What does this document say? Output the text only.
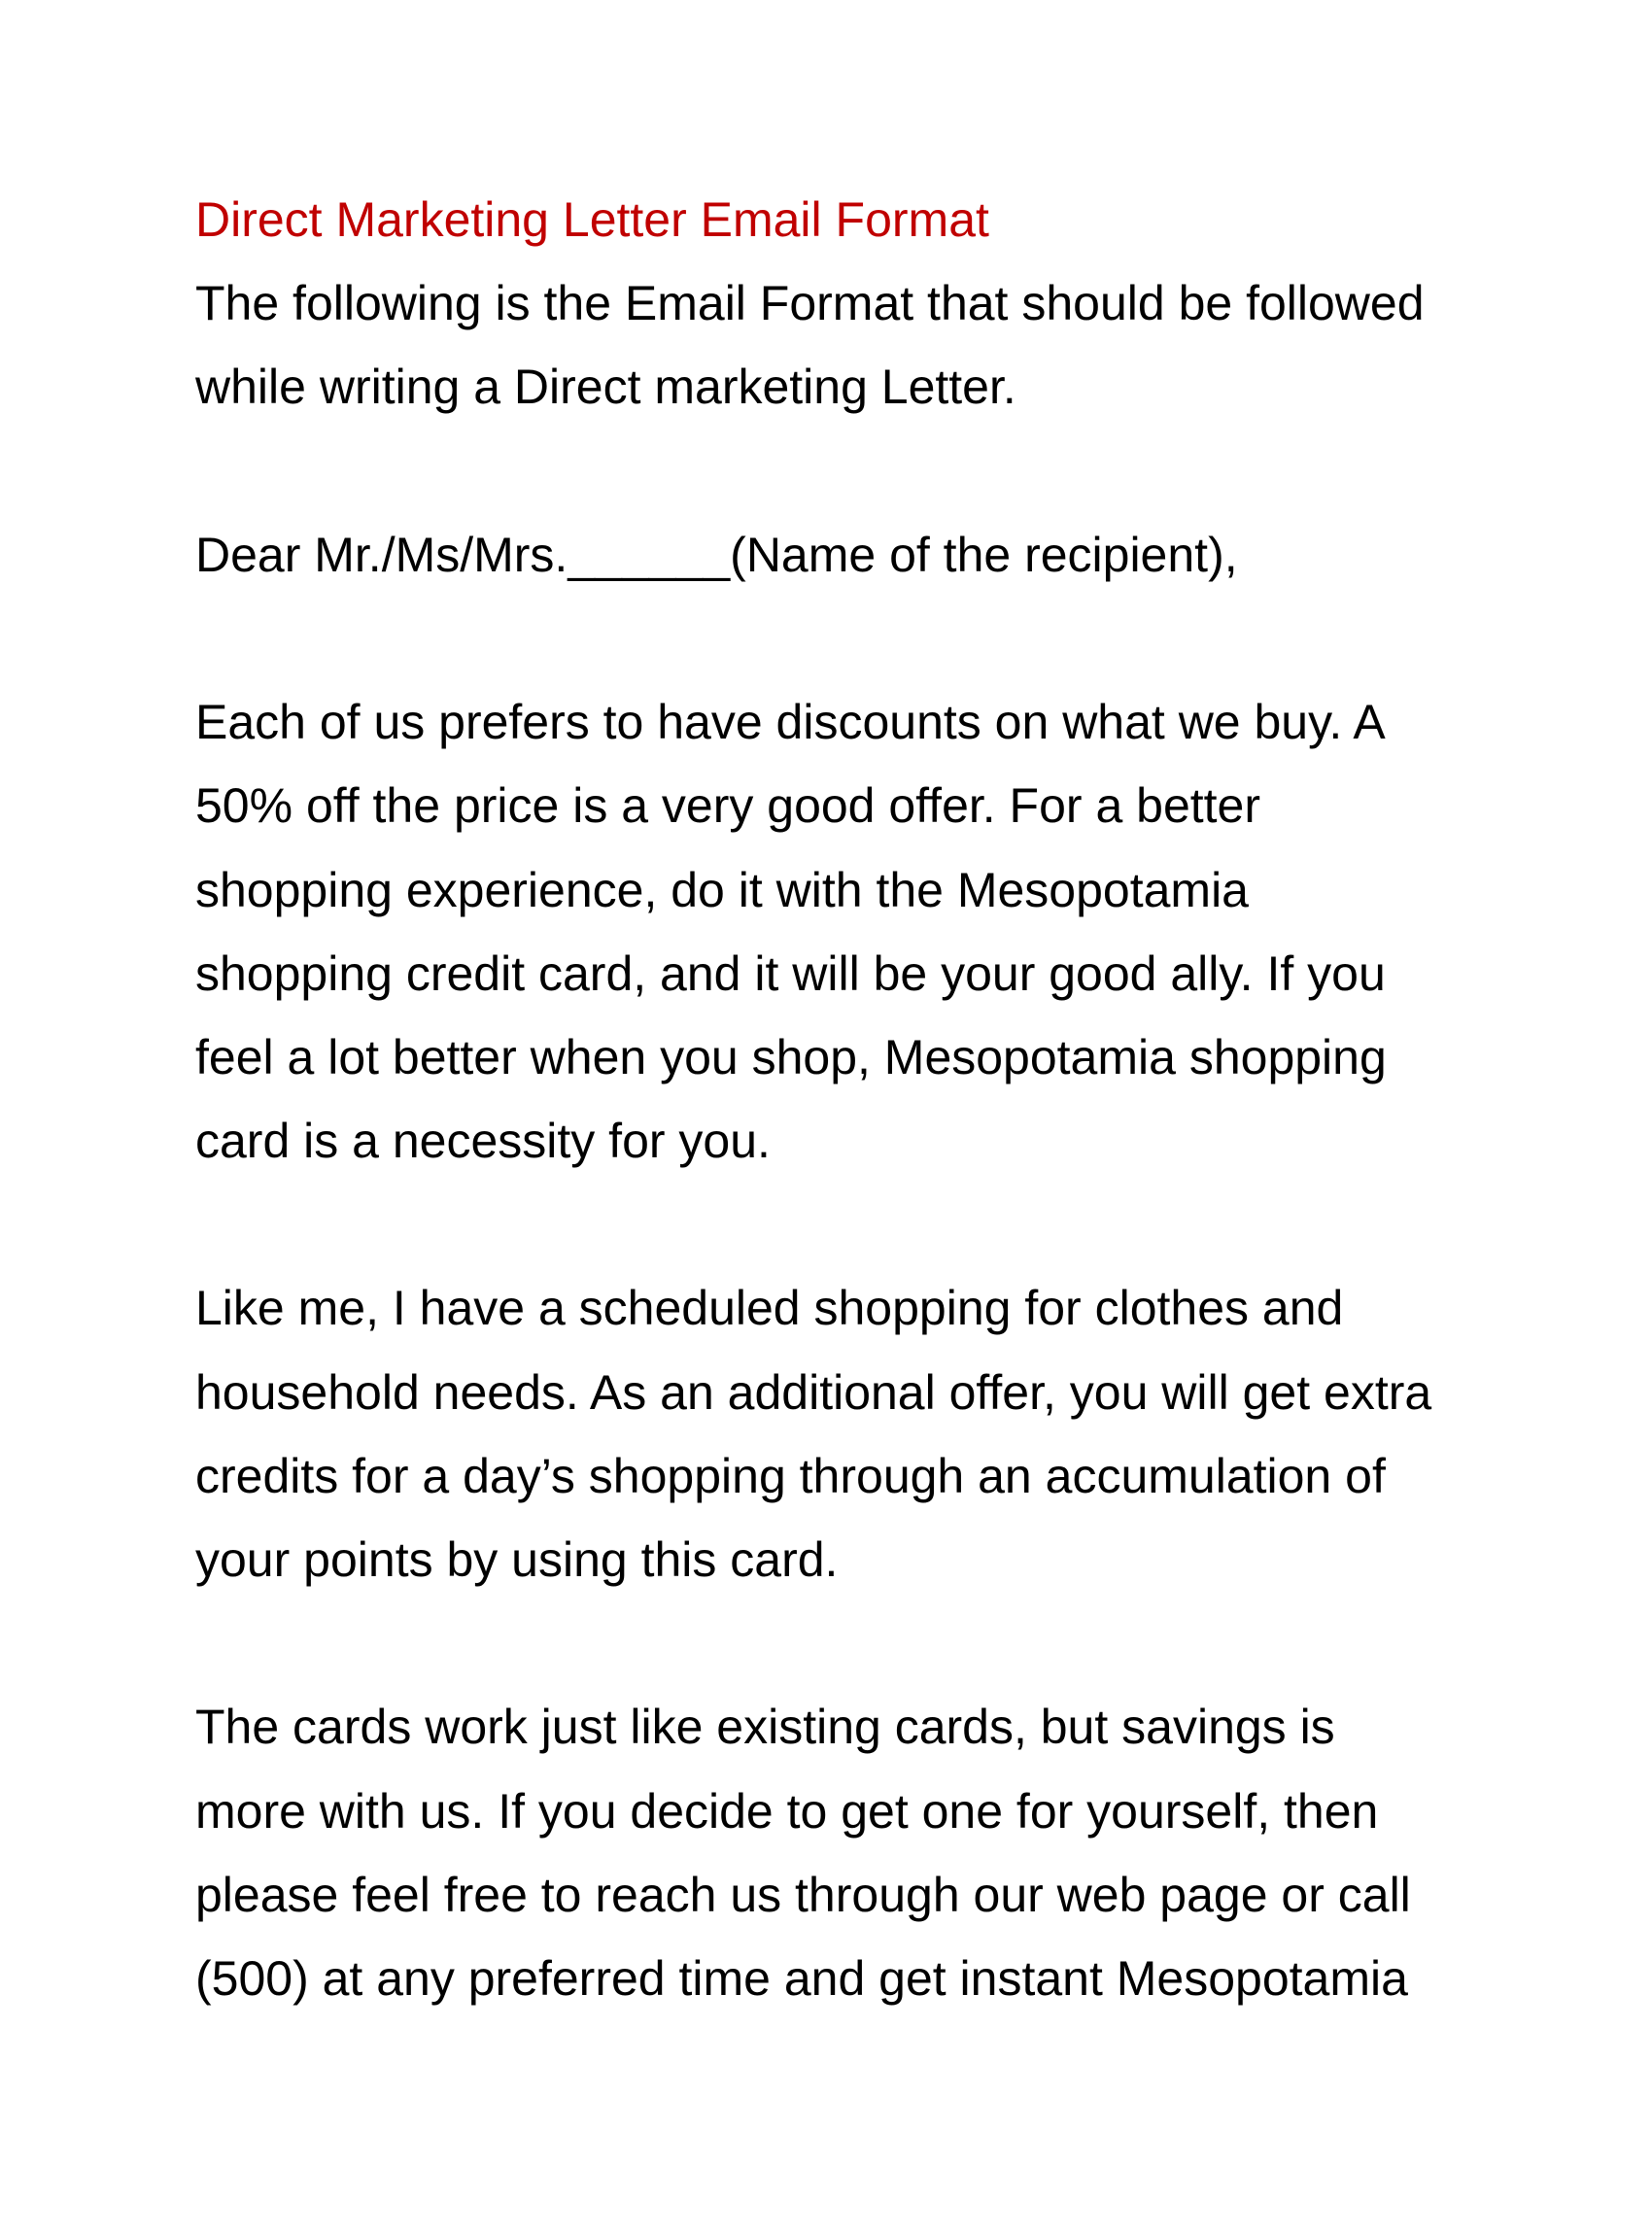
Direct Marketing Letter Email Format
The following is the Email Format that should be followed
while writing a Direct marketing Letter.
Dear Mr./Ms/Mrs.______(Name of the recipient),
Each of us prefers to have discounts on what we buy. A
50% off the price is a very good offer. For a better
shopping experience, do it with the Mesopotamia
shopping credit card, and it will be your good ally. If you
feel a lot better when you shop, Mesopotamia shopping
card is a necessity for you.
Like me, I have a scheduled shopping for clothes and
household needs. As an additional offer, you will get extra
credits for a day’s shopping through an accumulation of
your points by using this card.
The cards work just like existing cards, but savings is
more with us. If you decide to get one for yourself, then
please feel free to reach us through our web page or call
(500) at any preferred time and get instant Mesopotamia
